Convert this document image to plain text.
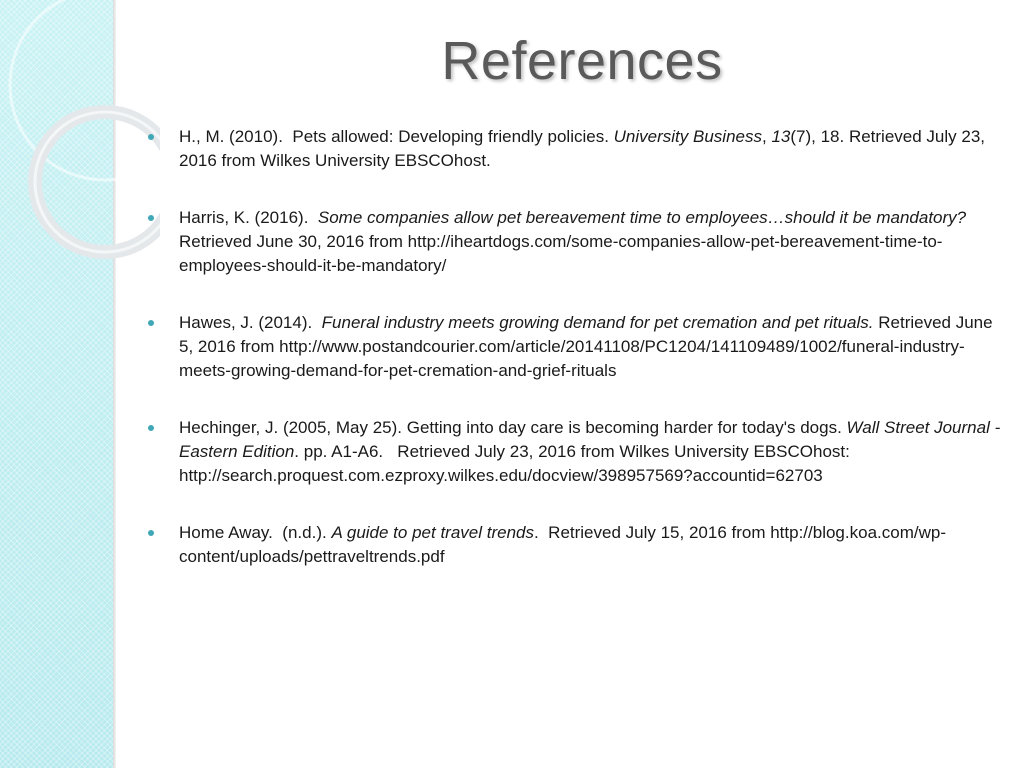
References
H., M. (2010).  Pets allowed: Developing friendly policies. University Business, 13(7), 18. Retrieved July 23, 2016 from Wilkes University EBSCOhost.
Harris, K. (2016).  Some companies allow pet bereavement time to employees…should it be mandatory?  Retrieved June 30, 2016 from http://iheartdogs.com/some-companies-allow-pet-bereavement-time-to-employees-should-it-be-mandatory/
Hawes, J. (2014).  Funeral industry meets growing demand for pet cremation and pet rituals. Retrieved June 5, 2016 from http://www.postandcourier.com/article/20141108/PC1204/141109489/1002/funeral-industry-meets-growing-demand-for-pet-cremation-and-grief-rituals
Hechinger, J. (2005, May 25). Getting into day care is becoming harder for today's dogs. Wall Street Journal - Eastern Edition. pp. A1-A6.   Retrieved July 23, 2016 from Wilkes University EBSCOhost: http://search.proquest.com.ezproxy.wilkes.edu/docview/398957569?accountid=62703
Home Away.  (n.d.). A guide to pet travel trends.  Retrieved July 15, 2016 from http://blog.koa.com/wp-content/uploads/pettraveltrends.pdf
